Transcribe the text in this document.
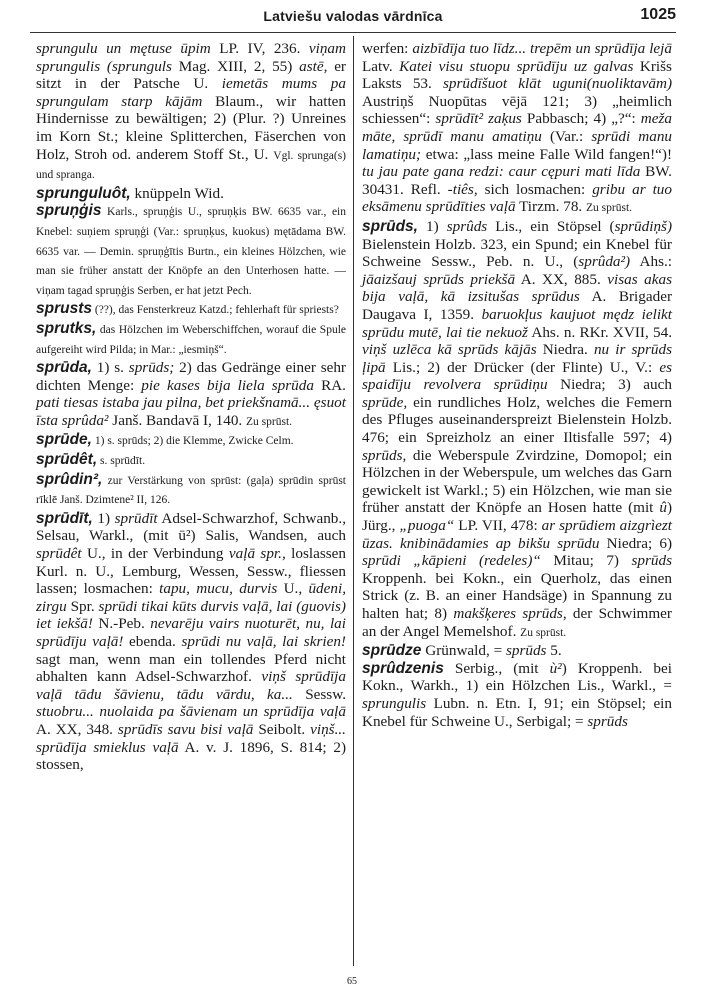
Latviešu valodas vārdnīca	1025

sprungulu un mętuse ūpim LP. IV, 236. viņam sprungulis (sprunguls Mag. XIII, 2, 55) astē, er sitzt in der Patsche U. iemetās mums pa sprungulam starp kājām Blaum., wir hatten Hindernisse zu bewältigen; 2) (Plur. ?) Unreines im Korn St.; kleine Splitterchen, Fäserchen von Holz, Stroh od. anderem Stoff St., U. Vgl. sprunga(s) und spranga.

sprunguluôt, knüppeln Wid.

spruņģis Karls., spruņģis U., spruņķis BW. 6635 var., ein Knebel: suņiem spruņģi (Var.: spruņķus, kuokus) mętādama BW. 6635 var. — Demin. spruņģītis Burtn., ein kleines Hölzchen, wie man sie früher anstatt der Knöpfe an den Unterhosen hatte. — viņam tagad spruņģis Serben, er hat jetzt Pech.

sprusts (??), das Fensterkreuz Katzd.; fehlerhaft für spriests?

sprutks, das Hölzchen im Weberschiffchen, worauf die Spule aufgereiht wird Pilda; in Mar.: „iesmiņš“.

sprūda, 1) s. sprūds; 2) das Gedränge einer sehr dichten Menge: pie kases bija liela sprūda RA. pati tiesas istaba jau pilna, bet priekšnamā... ęsuot īsta sprûda² Janš. Bandavā I, 140. Zu sprūst.

sprūde, 1) s. sprūds; 2) die Klemme, Zwicke Celm.

sprūdêt, s. sprūdīt.

sprûdin², zur Verstärkung von sprūst: (gaļa) sprūdin sprūst rīklē Janš. Dzimtene² II, 126.

sprūdīt, 1) sprūdīt Adsel-Schwarzhof, Schwanb., Selsau, Warkl., (mit ū²) Salis, Wandsen, auch sprūdêt U., in der Verbindung vaļā spr., loslassen Kurl. n. U., Lemburg, Wessen, Sessw., fliessen lassen; losmachen: tapu, mucu, durvis U., ūdeni, zirgu Spr. sprūdi tikai kūts durvis vaļā, lai (guovis) iet iekšā! N.-Peb. nevarēju vairs nuoturēt, nu, lai sprūdīju vaļā! ebenda. sprūdi nu vaļā, lai skrien! sagt man, wenn man ein tollendes Pferd nicht abhalten kann Adsel-Schwarzhof. viņš sprūdīja vaļā tādu šāvienu, tādu vārdu, ka... Sessw. stuobru... nuolaida pa šāvienam un sprūdīja vaļā A. XX, 348. sprūdīs savu bisi vaļā Seibolt. viņš... sprūdīja smieklus vaļā A. v. J. 1896, S. 814; 2) stossen,

werfen: aizbīdīja tuo līdz... trepēm un sprūdīja lejā Latv. Katei visu stuopu sprūdīju uz galvas Krišs Laksts 53. sprūdīšuot klāt uguni(nuoliktavām) Austriņš Nuopūtas vējā 121; 3) „heimlich schiessen“: sprūdīt² zaķus Pabbasch; 4) „?“: meža māte, sprūdī manu amatiņu (Var.: sprūdi manu lamatiņu; etwa: „lass meine Falle Wild fangen!“)! tu jau pate gana redzi: caur cępuri mati līda BW. 30431. Refl. -tiês, sich losmachen: gribu ar tuo eksāmenu sprūdīties vaļā Tirzm. 78. Zu sprūst.

sprūds, 1) sprûds Lis., ein Stöpsel (sprūdiņš) Bielenstein Holzb. 323, ein Spund; ein Knebel für Schweine Sessw., Peb. n. U., (sprûda²) Ahs.: jāaizšauj sprūds priekšā A. XX, 885. visas akas bija vaļā, kā izsitušas sprūdus A. Brigader Daugava I, 1359. baruokļus kaujuot mędz ielikt sprūdu mutē, lai tie nekuož Ahs. n. RKr. XVII, 54. viņš uzlēca kā sprūds kājās Niedra. nu ir sprūds ļipā Lis.; 2) der Drücker (der Flinte) U., V.: es spaidīju revolvera sprūdiņu Niedra; 3) auch sprūde, ein rundliches Holz, welches die Femern des Pfluges auseinanderspreizt Bielenstein Holzb. 476; ein Spreizholz an einer Iltisfalle 597; 4) sprūds, die Weberspule Zvirdzine, Domopol; ein Hölzchen in der Weberspule, um welches das Garn gewickelt ist Warkl.; 5) ein Hölzchen, wie man sie früher anstatt der Knöpfe an Hosen hatte (mit û) Jürg., „puoga“ LP. VII, 478: ar sprūdiem aizgrìezt ūzas. knibinādamies ap bikšu sprūdu Niedra; 6) sprūdi „kāpieni (redeles)“ Mitau; 7) sprūds Kroppenh. bei Kokn., ein Querholz, das einen Strick (z. B. an einer Handsäge) in Spannung zu halten hat; 8) makšķeres sprūds, der Schwimmer an der Angel Memelshof. Zu sprūst.

sprūdze Grünwald, = sprūds 5.

sprûdzenis Serbig., (mit ù²) Kroppenh. bei Kokn., Warkh., 1) ein Hölzchen Lis., Warkl., = sprungulis Lubn. n. Etn. I, 91; ein Stöpsel; ein Knebel für Schweine U., Serbigal; = sprūds

65
